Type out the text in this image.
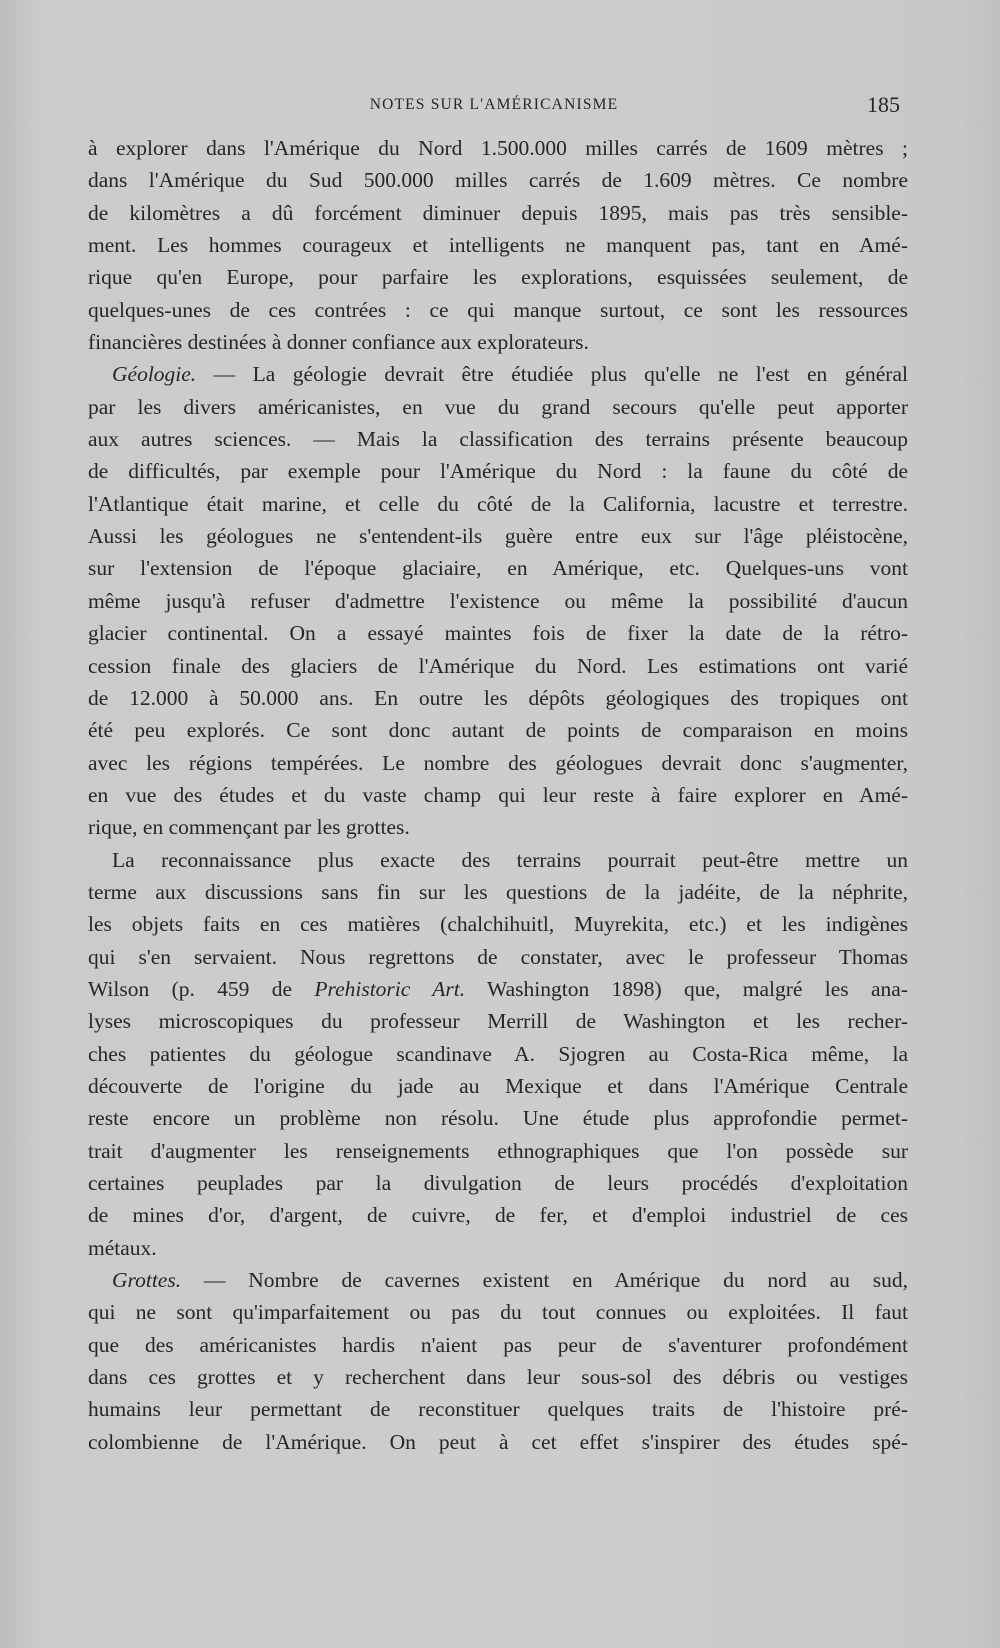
NOTES SUR L'AMÉRICANISME	185
à explorer dans l'Amérique du Nord 1.500.000 milles carrés de 1609 mètres ;
dans l'Amérique du Sud 500.000 milles carrés de 1.609 mètres. Ce nombre
de kilomètres a dû forcément diminuer depuis 1895, mais pas très sensible-
ment. Les hommes courageux et intelligents ne manquent pas, tant en Amé-
rique qu'en Europe, pour parfaire les explorations, esquissées seulement, de
quelques-unes de ces contrées : ce qui manque surtout, ce sont les ressources
financières destinées à donner confiance aux explorateurs.
Géologie. — La géologie devrait être étudiée plus qu'elle ne l'est en général
par les divers américanistes, en vue du grand secours qu'elle peut apporter
aux autres sciences. — Mais la classification des terrains présente beaucoup
de difficultés, par exemple pour l'Amérique du Nord : la faune du côté de
l'Atlantique était marine, et celle du côté de la California, lacustre et terrestre.
Aussi les géologues ne s'entendent-ils guère entre eux sur l'âge pléistocène,
sur l'extension de l'époque glaciaire, en Amérique, etc. Quelques-uns vont
même jusqu'à refuser d'admettre l'existence ou même la possibilité d'aucun
glacier continental. On a essayé maintes fois de fixer la date de la rétro-
cession finale des glaciers de l'Amérique du Nord. Les estimations ont varié
de 12.000 à 50.000 ans. En outre les dépôts géologiques des tropiques ont
été peu explorés. Ce sont donc autant de points de comparaison en moins
avec les régions tempérées. Le nombre des géologues devrait donc s'augmenter,
en vue des études et du vaste champ qui leur reste à faire explorer en Amé-
rique, en commençant par les grottes.
La reconnaissance plus exacte des terrains pourrait peut-être mettre un
terme aux discussions sans fin sur les questions de la jadéite, de la néphrite,
les objets faits en ces matières (chalchihuitl, Muyrekita, etc.) et les indigènes
qui s'en servaient. Nous regrettons de constater, avec le professeur Thomas
Wilson (p. 459 de Prehistoric Art. Washington 1898) que, malgré les ana-
lyses microscopiques du professeur Merrill de Washington et les recher-
ches patientes du géologue scandinave A. Sjogren au Costa-Rica même, la
découverte de l'origine du jade au Mexique et dans l'Amérique Centrale
reste encore un problème non résolu. Une étude plus approfondie permet-
trait d'augmenter les renseignements ethnographiques que l'on possède sur
certaines peuplades par la divulgation de leurs procédés d'exploitation
de mines d'or, d'argent, de cuivre, de fer, et d'emploi industriel de ces
métaux.
Grottes. — Nombre de cavernes existent en Amérique du nord au sud,
qui ne sont qu'imparfaitement ou pas du tout connues ou exploitées. Il faut
que des américanistes hardis n'aient pas peur de s'aventurer profondément
dans ces grottes et y recherchent dans leur sous-sol des débris ou vestiges
humains leur permettant de reconstituer quelques traits de l'histoire pré-
colombienne de l'Amérique. On peut à cet effet s'inspirer des études spé-
